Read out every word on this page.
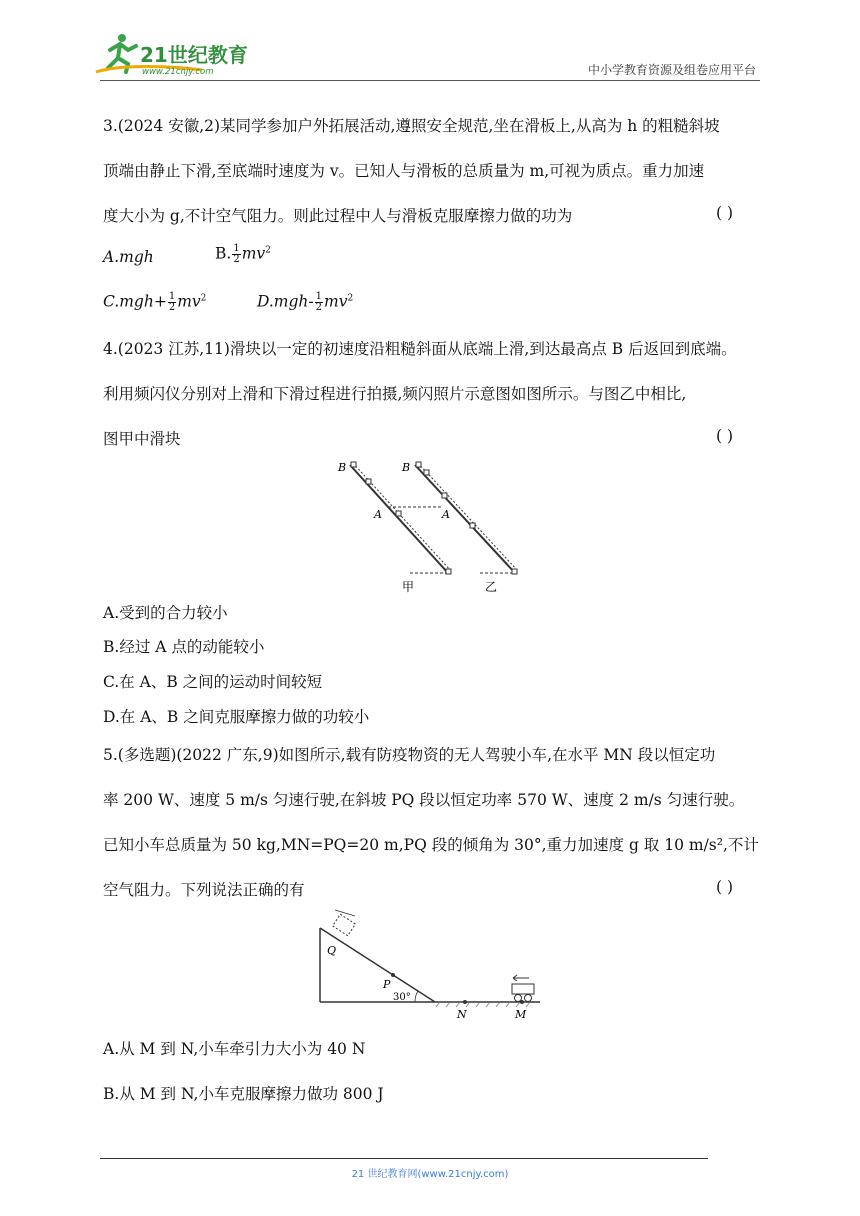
21世纪教育
www.21cnjy.com	中小学教育资源及组卷应用平台
3.(2024 安徽,2)某同学参加户外拓展活动,遵照安全规范,坐在滑板上,从高为 h 的粗糙斜坡
顶端由静止下滑,至底端时速度为 v。已知人与滑板的总质量为 m,可视为质点。重力加速
度大小为 g,不计空气阻力。则此过程中人与滑板克服摩擦力做的功为	( )
A.mgh	B. $\frac{1}{2} mv^2$
$C.mgh+ \frac{1}{2} mv^2$	$D.mgh- \frac{1}{2} mv^2$
4.(2023 江苏,11)滑块以一定的初速度沿粗糙斜面从底端上滑,到达最高点 B 后返回到底端。
利用频闪仪分别对上滑和下滑过程进行拍摄,频闪照片示意图如图所示。与图乙中相比,
图甲中滑块	( )
B	B
A	A
甲	乙
A.受到的合力较小
B.经过 A 点的动能较小
C.在 A、B 之间的运动时间较短
D.在 A、B 之间克服摩擦力做的功较小
5.(多选题)(2022 广东,9)如图所示,载有防疫物资的无人驾驶小车,在水平 MN 段以恒定功
率 200 W、速度 5 m/s 匀速行驶,在斜坡 PQ 段以恒定功率 570 W、速度 2 m/s 匀速行驶。
已知小车总质量为 50 kg,MN=PQ=20 m,PQ 段的倾角为 30°,重力加速度 g 取 10 m/s²,不计
空气阻力。下列说法正确的有	( )
Q
P
30°
N	M
A.从 M 到 N,小车牵引力大小为 40 N
B.从 M 到 N,小车克服摩擦力做功 800 J
21 世纪教育网(www.21cnjy.com)
